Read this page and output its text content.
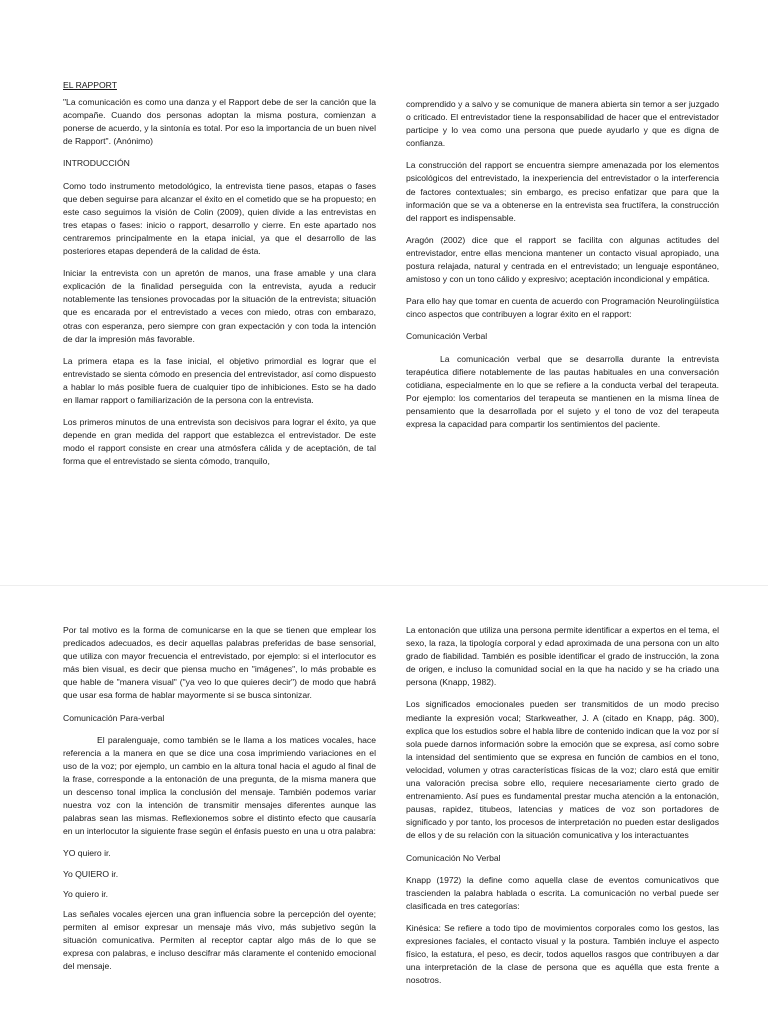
EL RAPPORT

"La comunicación es como una danza y el Rapport debe de ser la canción que la acompañe. Cuando dos personas adoptan la misma postura, comienzan a ponerse de acuerdo, y la sintonía es total. Por eso la importancia de un buen nivel de Rapport". (Anónimo)

INTRODUCCIÓN

Como todo instrumento metodológico, la entrevista tiene pasos, etapas o fases que deben seguirse para alcanzar el éxito en el cometido que se ha propuesto; en este caso seguimos la visión de Colin (2009), quien divide a las entrevistas en tres etapas o fases: inicio o rapport, desarrollo y cierre. En este apartado nos centraremos principalmente en la etapa inicial, ya que el desarrollo de las posteriores etapas dependerá de la calidad de ésta.

Iniciar la entrevista con un apretón de manos, una frase amable y una clara explicación de la finalidad perseguida con la entrevista, ayuda a reducir notablemente las tensiones provocadas por la situación de la entrevista; situación que es encarada por el entrevistado a veces con miedo, otras con embarazo, otras con esperanza, pero siempre con gran expectación y con toda la intención de dar la impresión más favorable.

La primera etapa es la fase inicial, el objetivo primordial es lograr que el entrevistado se sienta cómodo en presencia del entrevistador, así como dispuesto a hablar lo más posible fuera de cualquier tipo de inhibiciones. Esto se ha dado en llamar rapport o familiarización de la persona con la entrevista.

Los primeros minutos de una entrevista son decisivos para lograr el éxito, ya que depende en gran medida del rapport que establezca el entrevistador. De este modo el rapport consiste en crear una atmósfera cálida y de aceptación, de tal forma que el entrevistado se sienta cómodo, tranquilo,

comprendido y a salvo y se comunique de manera abierta sin temor a ser juzgado o criticado. El entrevistador tiene la responsabilidad de hacer que el entrevistador participe y lo vea como una persona que puede ayudarlo y que es digna de confianza.

La construcción del rapport se encuentra siempre amenazada por los elementos psicológicos del entrevistado, la inexperiencia del entrevistador o la interferencia de factores contextuales; sin embargo, es preciso enfatizar que para que la información que se va a obtenerse en la entrevista sea fructífera, la construcción del rapport es indispensable.

Aragón (2002) dice que el rapport se facilita con algunas actitudes del entrevistador, entre ellas menciona mantener un contacto visual apropiado, una postura relajada, natural y centrada en el entrevistado; un lenguaje espontáneo, amistoso y con un tono cálido y expresivo; aceptación incondicional y empática.

Para ello hay que tomar en cuenta de acuerdo con Programación Neurolingüística cinco aspectos que contribuyen a lograr éxito en el rapport:

Comunicación Verbal

La comunicación verbal que se desarrolla durante la entrevista terapéutica difiere notablemente de las pautas habituales en una conversación cotidiana, especialmente en lo que se refiere a la conducta verbal del terapeuta. Por ejemplo: los comentarios del terapeuta se mantienen en la misma línea de pensamiento que la desarrollada por el sujeto y el tono de voz del terapeuta expresa la capacidad para compartir los sentimientos del paciente.

Por tal motivo es la forma de comunicarse en la que se tienen que emplear los predicados adecuados, es decir aquellas palabras preferidas de base sensorial, que utiliza con mayor frecuencia el entrevistado, por ejemplo: si el interlocutor es más bien visual, es decir que piensa mucho en "imágenes", lo más probable es que hable de "manera visual" ("ya veo lo que quieres decir") de modo que habrá que usar esa forma de hablar mayormente si se busca sintonizar.

Comunicación Para-verbal

El paralenguaje, como también se le llama a los matices vocales, hace referencia a la manera en que se dice una cosa imprimiendo variaciones en el uso de la voz; por ejemplo, un cambio en la altura tonal hacia el agudo al final de la frase, corresponde a la entonación de una pregunta, de la misma manera que un descenso tonal implica la conclusión del mensaje. También podemos variar nuestra voz con la intención de transmitir mensajes diferentes aunque las palabras sean las mismas. Reflexionemos sobre el distinto efecto que causaría en un interlocutor la siguiente frase según el énfasis puesto en una u otra palabra:

YO quiero ir.

Yo QUIERO ir.

Yo quiero ir.

Las señales vocales ejercen una gran influencia sobre la percepción del oyente; permiten al emisor expresar un mensaje más vivo, más subjetivo según la situación comunicativa. Permiten al receptor captar algo más de lo que se expresa con palabras, e incluso descifrar más claramente el contenido emocional del mensaje.

La entonación que utiliza una persona permite identificar a expertos en el tema, el sexo, la raza, la tipología corporal y edad aproximada de una persona con un alto grado de fiabilidad. También es posible identificar el grado de instrucción, la zona de origen, e incluso la comunidad social en la que ha nacido y se ha criado una persona (Knapp, 1982).

Los significados emocionales pueden ser transmitidos de un modo preciso mediante la expresión vocal; Starkweather, J. A (citado en Knapp, pág. 300), explica que los estudios sobre el habla libre de contenido indican que la voz por sí sola puede darnos información sobre la emoción que se expresa, así como sobre la intensidad del sentimiento que se expresa en función de cambios en el tono, velocidad, volumen y otras características físicas de la voz; claro está que emitir una valoración precisa sobre ello, requiere necesariamente cierto grado de entrenamiento. Así pues es fundamental prestar mucha atención a la entonación, pausas, rapidez, titubeos, latencias y matices de voz son portadores de significado y por tanto, los procesos de interpretación no pueden estar desligados de ellos y de su relación con la situación comunicativa y los interactuantes

Comunicación No Verbal

Knapp (1972) la define como aquella clase de eventos comunicativos que trascienden la palabra hablada o escrita. La comunicación no verbal puede ser clasificada en tres categorías:

Kinésica: Se refiere a todo tipo de movimientos corporales como los gestos, las expresiones faciales, el contacto visual y la postura. También incluye el aspecto físico, la estatura, el peso, es decir, todos aquellos rasgos que contribuyen a dar una interpretación de la clase de persona que es aquélla que esta frente a nosotros.
